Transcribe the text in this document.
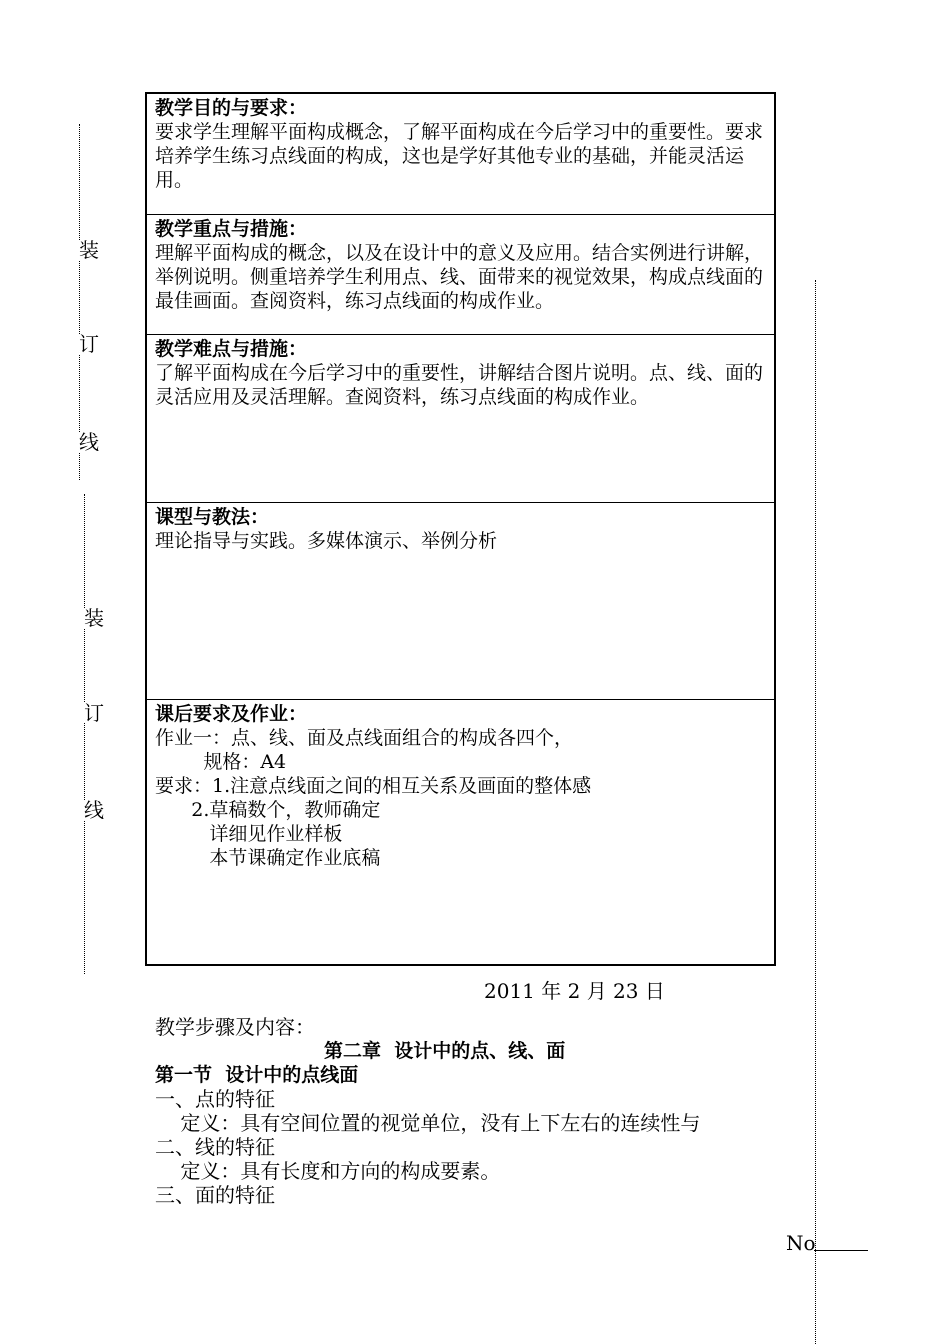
装
订
线
装
订
线
教学目的与要求：
要求学生理解平面构成概念，了解平面构成在今后学习中的重要性。要求培养学生练习点线面的构成，这也是学好其他专业的基础，并能灵活运用。
教学重点与措施：
理解平面构成的概念，以及在设计中的意义及应用。结合实例进行讲解，举例说明。侧重培养学生利用点、线、面带来的视觉效果，构成点线面的最佳画面。查阅资料，练习点线面的构成作业。
教学难点与措施：
了解平面构成在今后学习中的重要性，讲解结合图片说明。点、线、面的灵活应用及灵活理解。查阅资料，练习点线面的构成作业。
课型与教法：
理论指导与实践。多媒体演示、举例分析
课后要求及作业：
作业一：点、线、面及点线面组合的构成各四个，
规格：A4
要求：1.注意点线面之间的相互关系及画面的整体感
2.草稿数个，教师确定
详细见作业样板
本节课确定作业底稿
2011 年 2 月 23 日
教学步骤及内容：
第二章  设计中的点、线、面
第一节  设计中的点线面
一、点的特征
定义：具有空间位置的视觉单位，没有上下左右的连续性与
二、线的特征
定义：具有长度和方向的构成要素。
三、面的特征
No
